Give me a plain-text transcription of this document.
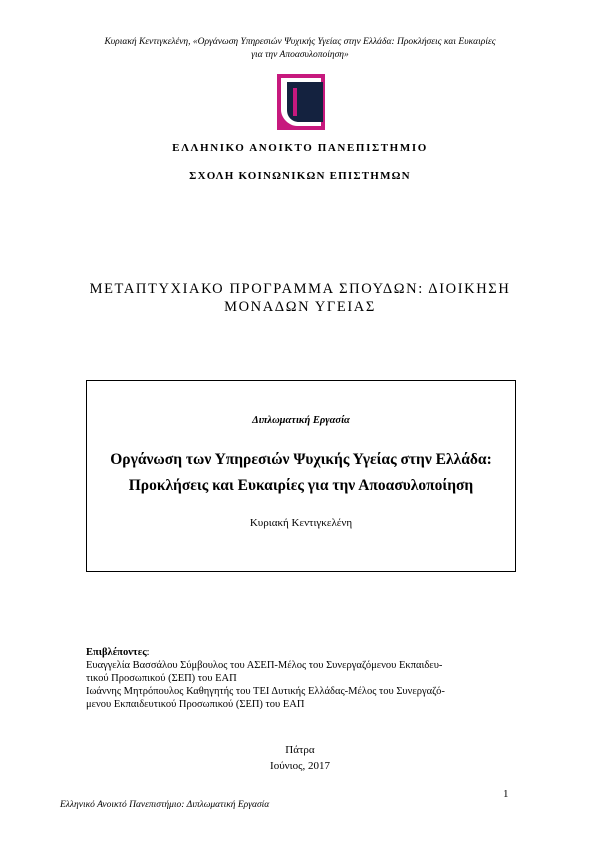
Κυριακή Κεντιγκελένη, «Οργάνωση Υπηρεσιών Ψυχικής Υγείας στην Ελλάδα: Προκλήσεις και Ευκαιρίες
για την Αποασυλοποίηση»
ΕΛΛΗΝΙΚΟ ΑΝΟΙΚΤΟ ΠΑΝΕΠΙΣΤΗΜΙΟ
ΣΧΟΛΗ ΚΟΙΝΩΝΙΚΩΝ ΕΠΙΣΤΗΜΩΝ
ΜΕΤΑΠΤΥΧΙΑΚΟ ΠΡΟΓΡΑΜΜΑ ΣΠΟΥΔΩΝ: ΔΙΟΙΚΗΣΗ
ΜΟΝΑΔΩΝ ΥΓΕΙΑΣ
Διπλωματική Εργασία
Οργάνωση των Υπηρεσιών Ψυχικής Υγείας στην Ελλάδα:
Προκλήσεις και Ευκαιρίες για την Αποασυλοποίηση
Κυριακή Κεντιγκελένη
Επιβλέποντες:
Ευαγγελία Βασσάλου Σύμβουλος του ΑΣΕΠ-Μέλος του Συνεργαζόμενου Εκπαιδευ-
τικού Προσωπικού (ΣΕΠ) του ΕΑΠ
Ιωάννης Μητρόπουλος Καθηγητής του ΤΕΙ Δυτικής Ελλάδας-Μέλος του Συνεργαζό-
μενου Εκπαιδευτικού Προσωπικού (ΣΕΠ) του ΕΑΠ
Πάτρα
Ιούνιος, 2017
1
Ελληνικό Ανοικτό Πανεπιστήμιο: Διπλωματική Εργασία
